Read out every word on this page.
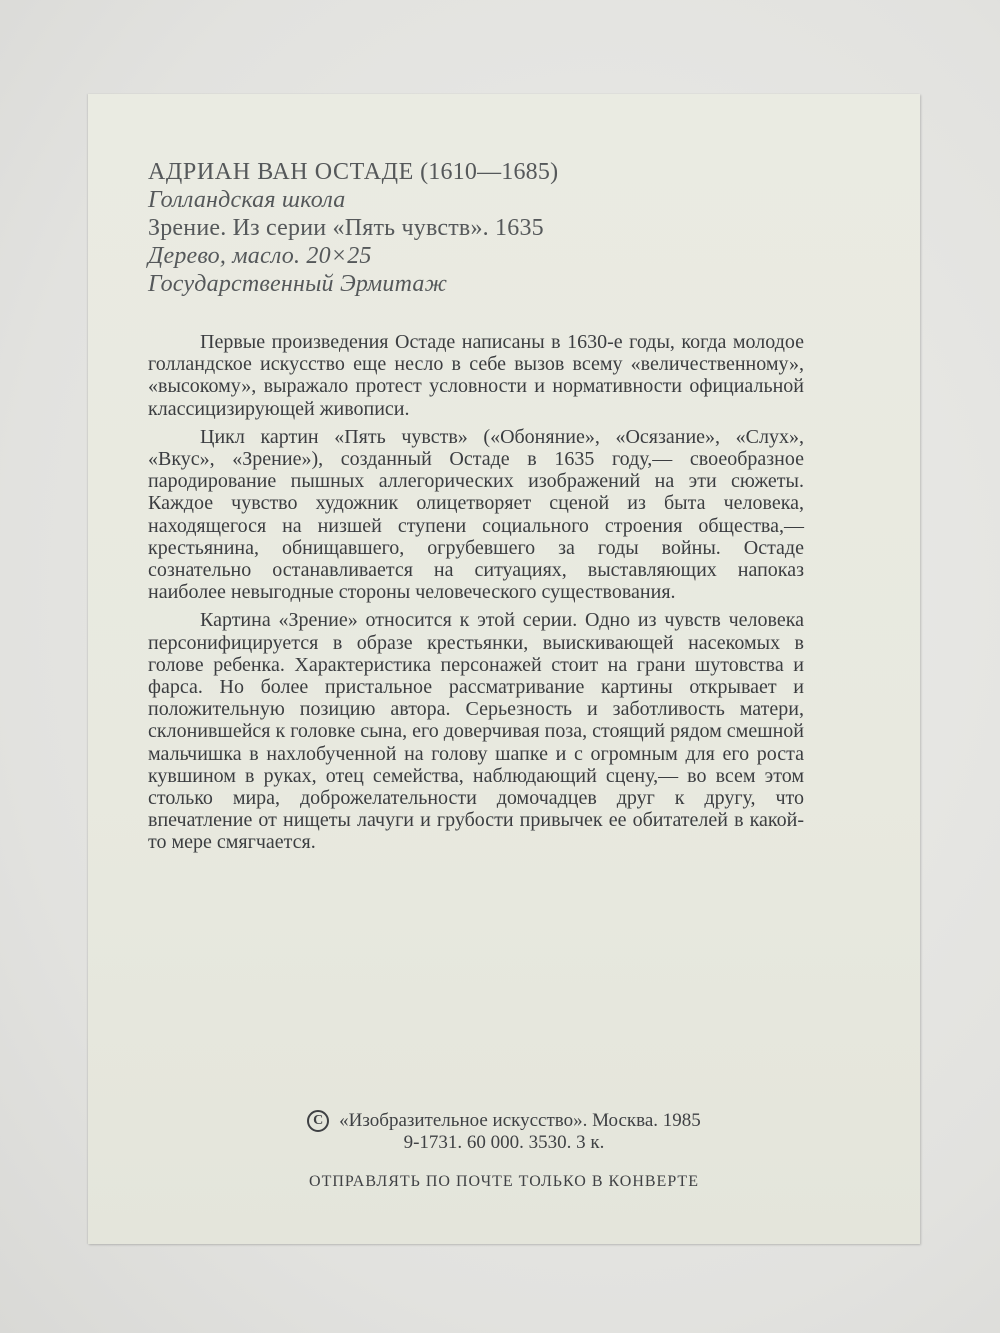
АДРИАН ВАН ОСТАДЕ (1610—1685)
Голландская школа
Зрение. Из серии «Пять чувств». 1635
Дерево, масло. 20×25
Государственный Эрмитаж

Первые произведения Остаде написаны в 1630-е годы, когда молодое голландское искусство еще несло в себе вызов всему «величественному», «высокому», выражало протест условности и нормативности официальной классицизирующей живописи.

Цикл картин «Пять чувств» («Обоняние», «Осязание», «Слух», «Вкус», «Зрение»), созданный Остаде в 1635 году,— своеобразное пародирование пышных аллегорических изображений на эти сюжеты. Каждое чувство художник олицетворяет сценой из быта человека, находящегося на низшей ступени социального строения общества,— крестьянина, обнищавшего, огрубевшего за годы войны. Остаде сознательно останавливается на ситуациях, выставляющих напоказ наиболее невыгодные стороны человеческого существования.

Картина «Зрение» относится к этой серии. Одно из чувств человека персонифицируется в образе крестьянки, выискивающей насекомых в голове ребенка. Характеристика персонажей стоит на грани шутовства и фарса. Но более пристальное рассматривание картины открывает и положительную позицию автора. Серьезность и заботливость матери, склонившейся к головке сына, его доверчивая поза, стоящий рядом смешной мальчишка в нахлобученной на голову шапке и с огромным для его роста кувшином в руках, отец семейства, наблюдающий сцену,— во всем этом столько мира, доброжелательности домочадцев друг к другу, что впечатление от нищеты лачуги и грубости привычек ее обитателей в какой-то мере смягчается.

C «Изобразительное искусство». Москва. 1985
9-1731. 60 000. 3530. 3 к.
ОТПРАВЛЯТЬ ПО ПОЧТЕ ТОЛЬКО В КОНВЕРТЕ
